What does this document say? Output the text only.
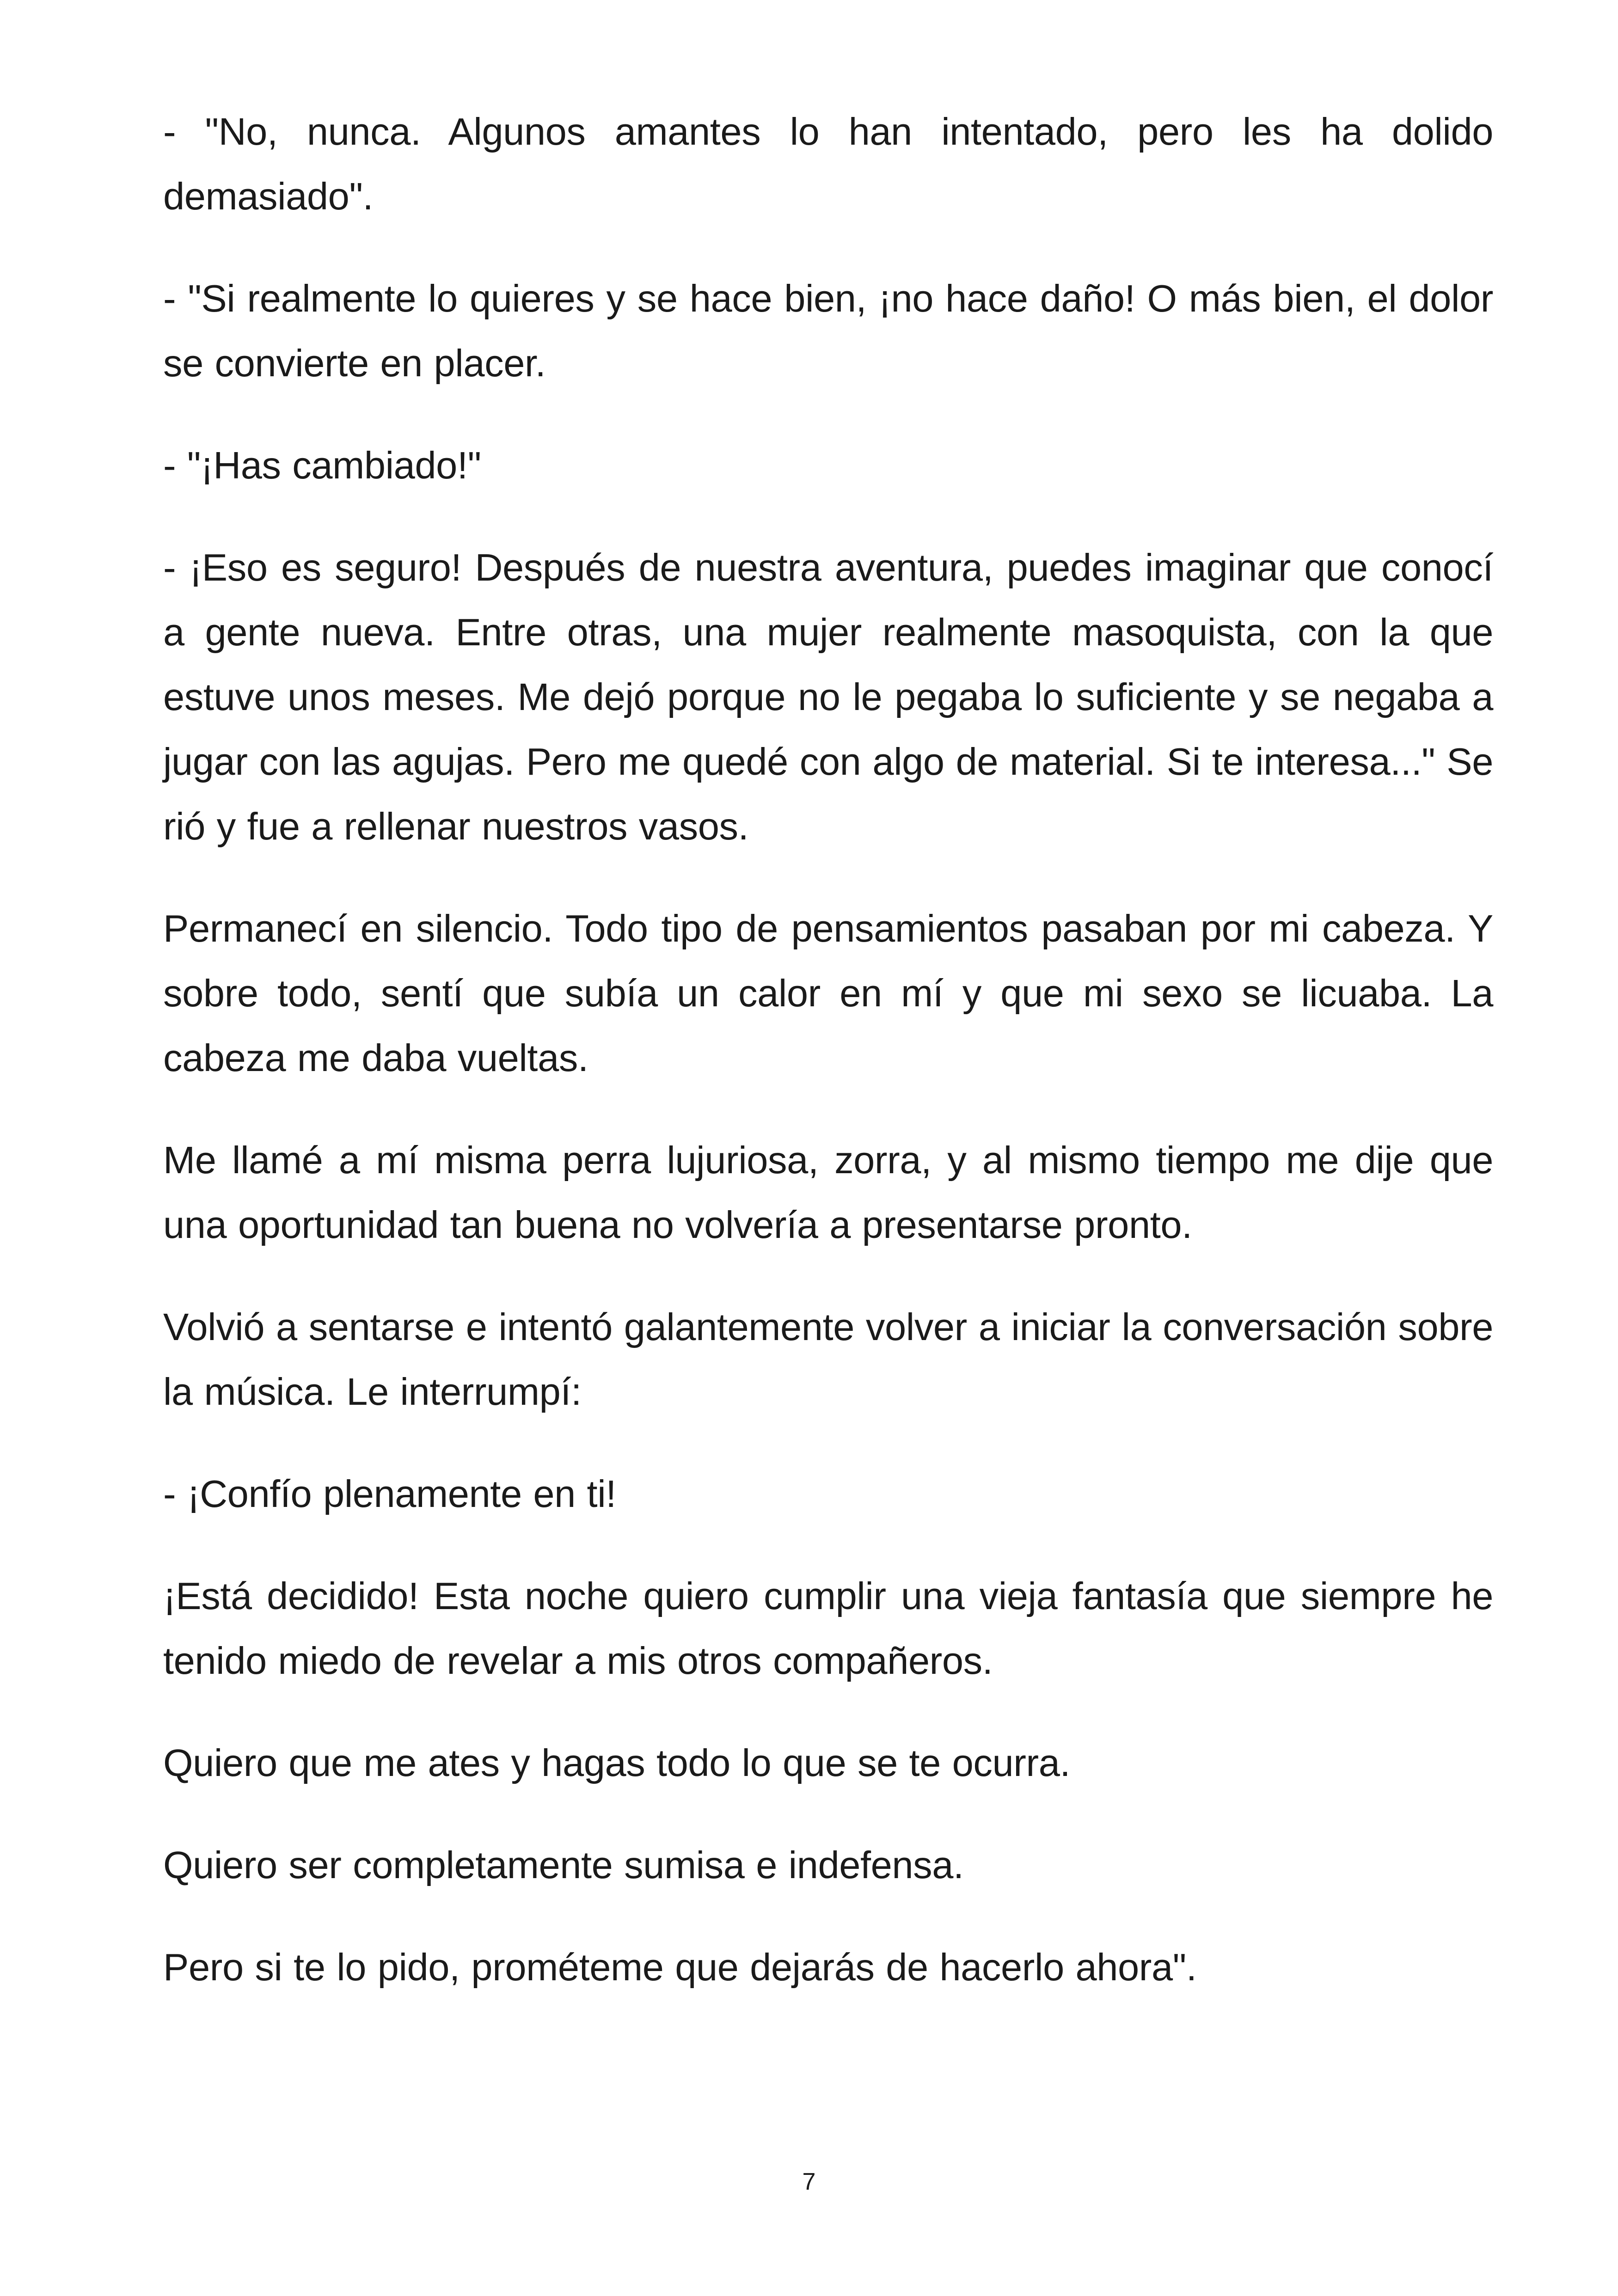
- "No, nunca. Algunos amantes lo han intentado, pero les ha dolido demasiado".

- "Si realmente lo quieres y se hace bien, ¡no hace daño! O más bien, el dolor se convierte en placer.

- "¡Has cambiado!"

- ¡Eso es seguro! Después de nuestra aventura, puedes imaginar que conocí a gente nueva. Entre otras, una mujer realmente masoquista, con la que estuve unos meses. Me dejó porque no le pegaba lo suficiente y se negaba a jugar con las agujas. Pero me quedé con algo de material. Si te interesa..." Se rió y fue a rellenar nuestros vasos.

Permanecí en silencio. Todo tipo de pensamientos pasaban por mi cabeza. Y sobre todo, sentí que subía un calor en mí y que mi sexo se licuaba. La cabeza me daba vueltas.

Me llamé a mí misma perra lujuriosa, zorra, y al mismo tiempo me dije que una oportunidad tan buena no volvería a presentarse pronto.

Volvió a sentarse e intentó galantemente volver a iniciar la conversación sobre la música. Le interrumpí:

- ¡Confío plenamente en ti!

¡Está decidido! Esta noche quiero cumplir una vieja fantasía que siempre he tenido miedo de revelar a mis otros compañeros.

Quiero que me ates y hagas todo lo que se te ocurra.

Quiero ser completamente sumisa e indefensa.

Pero si te lo pido, prométeme que dejarás de hacerlo ahora".

7
